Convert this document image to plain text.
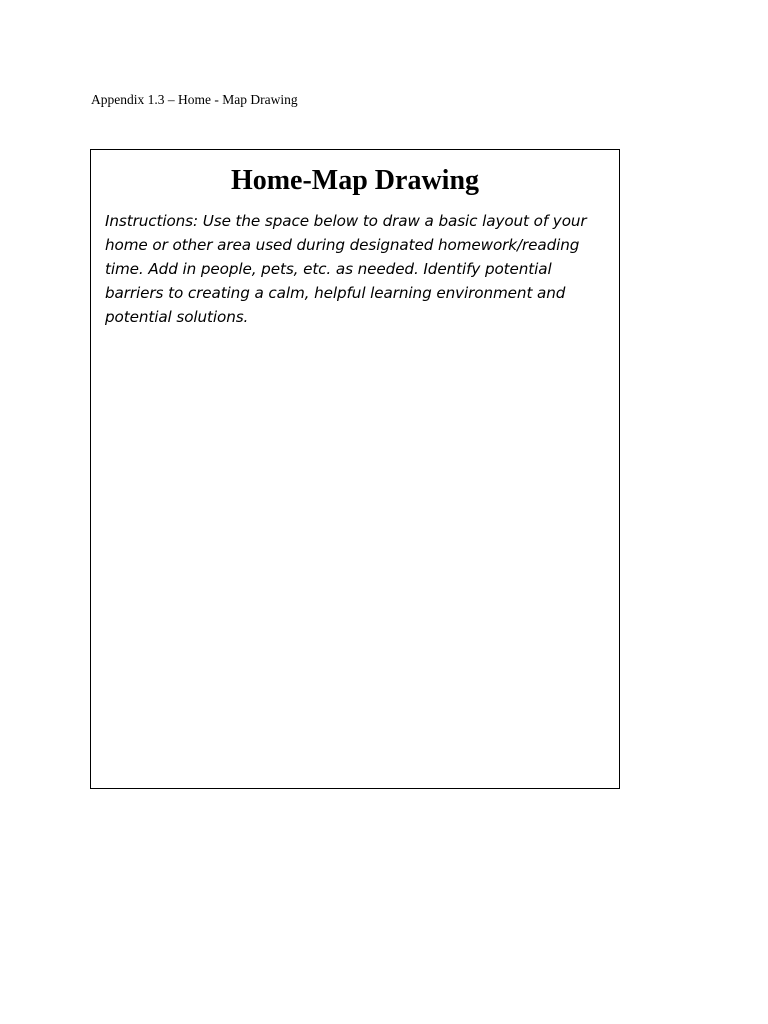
Appendix 1.3 – Home - Map Drawing
Home-Map Drawing
Instructions: Use the space below to draw a basic layout of your home or other area used during designated homework/reading time. Add in people, pets, etc. as needed. Identify potential barriers to creating a calm, helpful learning environment and potential solutions.
